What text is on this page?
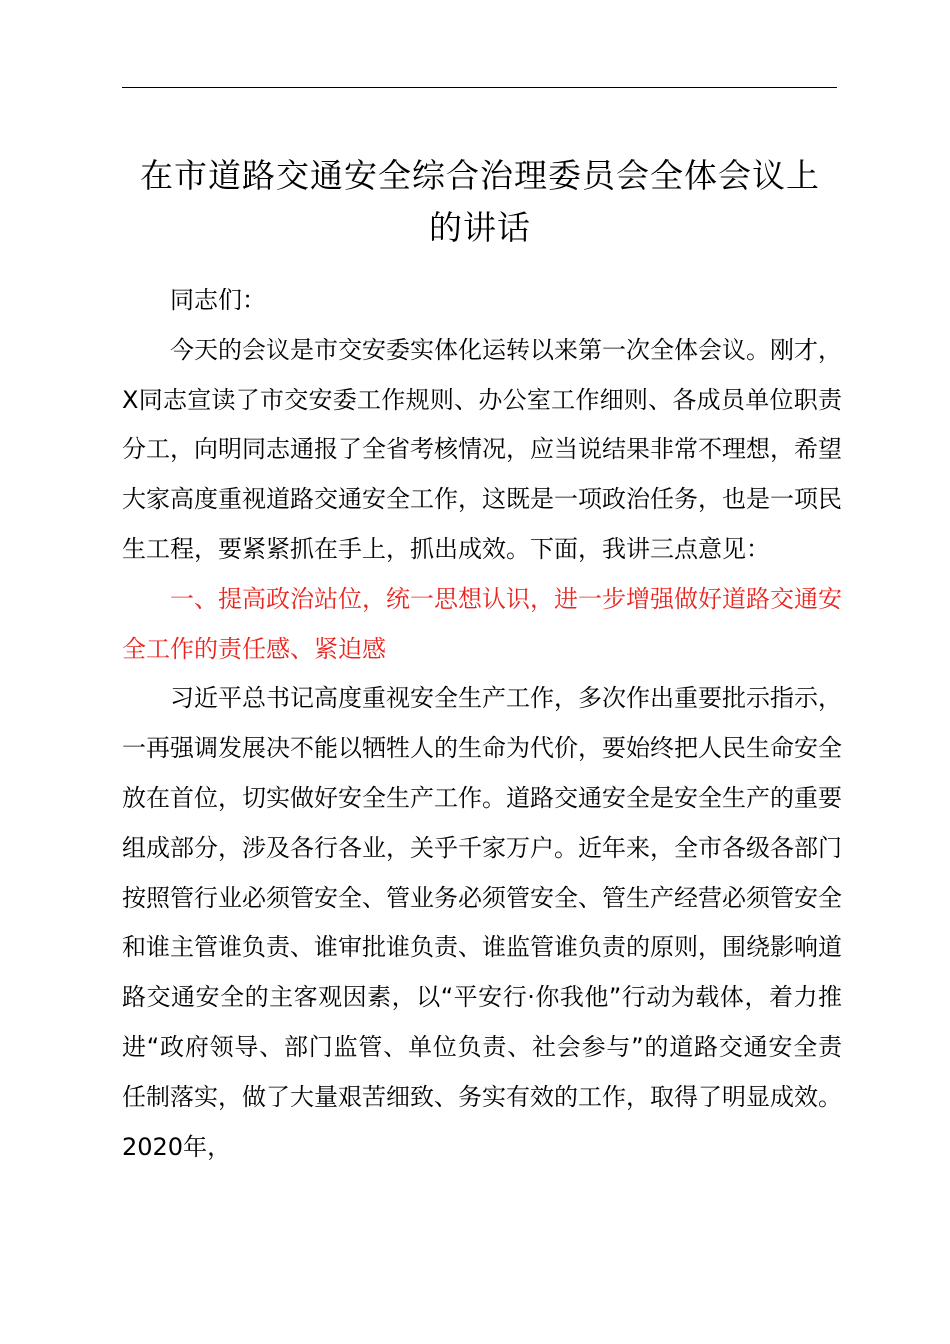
在市道路交通安全综合治理委员会全体会议上
的讲话

同志们：

今天的会议是市交安委实体化运转以来第一次全体会议。刚才，X同志宣读了市交安委工作规则、办公室工作细则、各成员单位职责分工，向明同志通报了全省考核情况，应当说结果非常不理想，希望大家高度重视道路交通安全工作，这既是一项政治任务，也是一项民生工程，要紧紧抓在手上，抓出成效。下面，我讲三点意见：

一、提高政治站位，统一思想认识，进一步增强做好道路交通安全工作的责任感、紧迫感

习近平总书记高度重视安全生产工作，多次作出重要批示指示，一再强调发展决不能以牺牲人的生命为代价，要始终把人民生命安全放在首位，切实做好安全生产工作。道路交通安全是安全生产的重要组成部分，涉及各行各业，关乎千家万户。近年来，全市各级各部门按照管行业必须管安全、管业务必须管安全、管生产经营必须管安全和谁主管谁负责、谁审批谁负责、谁监管谁负责的原则，围绕影响道路交通安全的主客观因素，以“平安行·你我他”行动为载体，着力推进“政府领导、部门监管、单位负责、社会参与”的道路交通安全责任制落实，做了大量艰苦细致、务实有效的工作，取得了明显成效。2020年，
